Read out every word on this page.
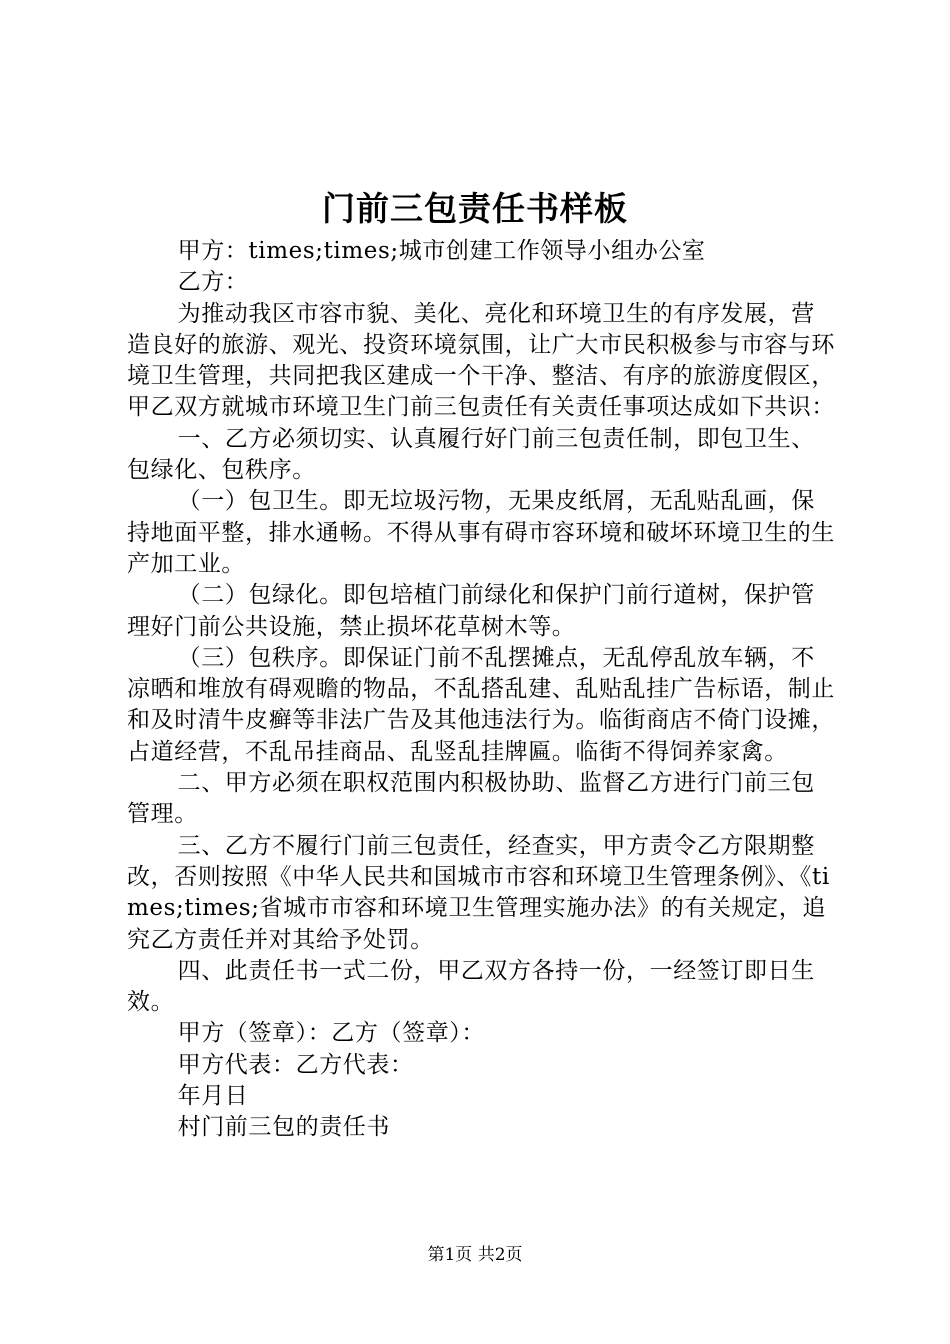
门前三包责任书样板

甲方：times;times;城市创建工作领导小组办公室

乙方：

为推动我区市容市貌、美化、亮化和环境卫生的有序发展，营造良好的旅游、观光、投资环境氛围，让广大市民积极参与市容与环境卫生管理，共同把我区建成一个干净、整洁、有序的旅游度假区，甲乙双方就城市环境卫生门前三包责任有关责任事项达成如下共识：

一、乙方必须切实、认真履行好门前三包责任制，即包卫生、包绿化、包秩序。

（一）包卫生。即无垃圾污物，无果皮纸屑，无乱贴乱画，保持地面平整，排水通畅。不得从事有碍市容环境和破坏环境卫生的生产加工业。

（二）包绿化。即包培植门前绿化和保护门前行道树，保护管理好门前公共设施，禁止损坏花草树木等。

（三）包秩序。即保证门前不乱摆摊点，无乱停乱放车辆，不凉晒和堆放有碍观瞻的物品，不乱搭乱建、乱贴乱挂广告标语，制止和及时清牛皮癣等非法广告及其他违法行为。临街商店不倚门设摊，占道经营，不乱吊挂商品、乱竖乱挂牌匾。临街不得饲养家禽。

二、甲方必须在职权范围内积极协助、监督乙方进行门前三包管理。

三、乙方不履行门前三包责任，经查实，甲方责令乙方限期整改，否则按照《中华人民共和国城市市容和环境卫生管理条例》、《times;times;省城市市容和环境卫生管理实施办法》的有关规定，追究乙方责任并对其给予处罚。

四、此责任书一式二份，甲乙双方各持一份，一经签订即日生效。

甲方（签章）：乙方（签章）：

甲方代表：乙方代表：

年月日

村门前三包的责任书

第1页 共2页
